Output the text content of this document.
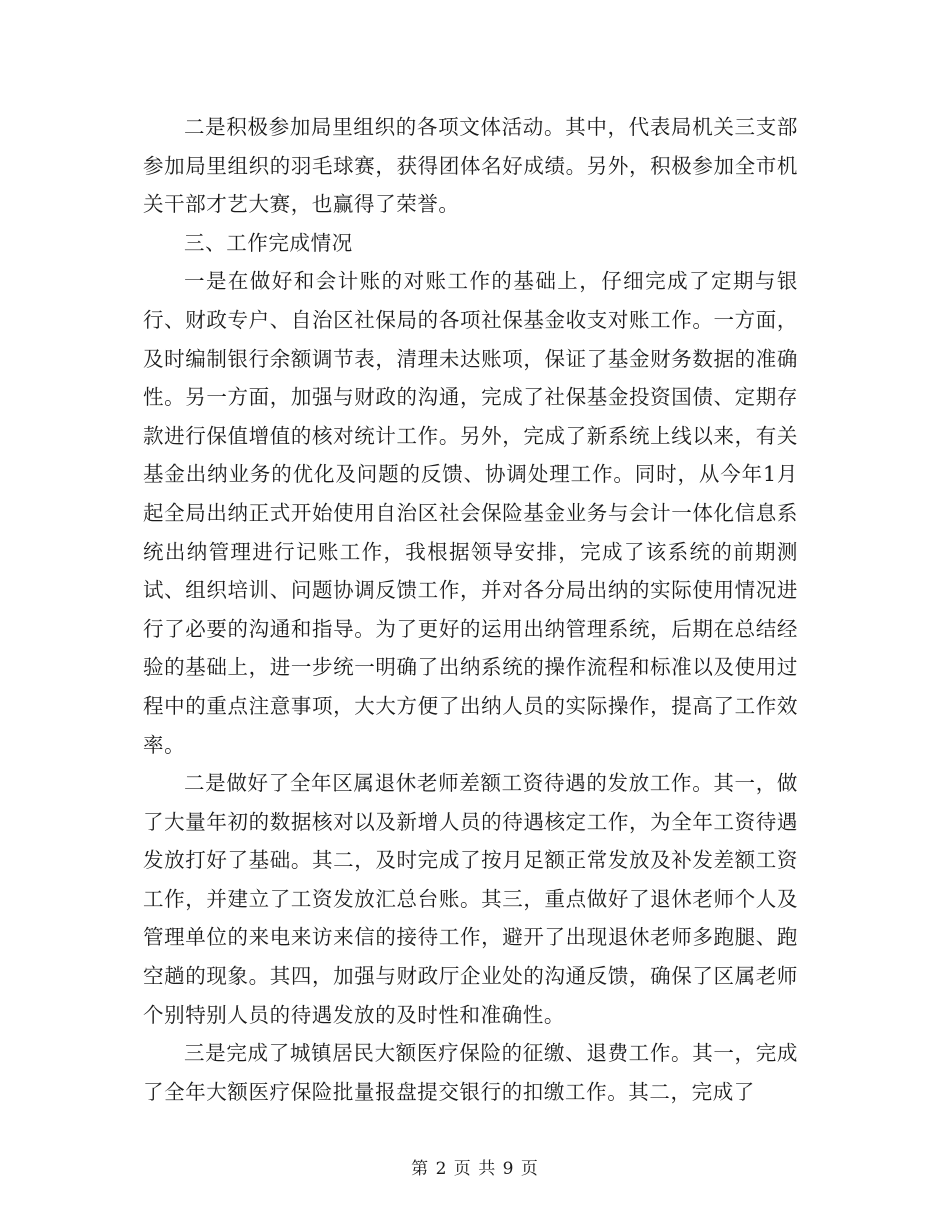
二是积极参加局里组织的各项文体活动。其中，代表局机关三支部参加局里组织的羽毛球赛，获得团体名好成绩。另外，积极参加全市机关干部才艺大赛，也赢得了荣誉。

三、工作完成情况

一是在做好和会计账的对账工作的基础上，仔细完成了定期与银行、财政专户、自治区社保局的各项社保基金收支对账工作。一方面，及时编制银行余额调节表，清理未达账项，保证了基金财务数据的准确性。另一方面，加强与财政的沟通，完成了社保基金投资国债、定期存款进行保值增值的核对统计工作。另外，完成了新系统上线以来，有关基金出纳业务的优化及问题的反馈、协调处理工作。同时，从今年1月起全局出纳正式开始使用自治区社会保险基金业务与会计一体化信息系统出纳管理进行记账工作，我根据领导安排，完成了该系统的前期测试、组织培训、问题协调反馈工作，并对各分局出纳的实际使用情况进行了必要的沟通和指导。为了更好的运用出纳管理系统，后期在总结经验的基础上，进一步统一明确了出纳系统的操作流程和标准以及使用过程中的重点注意事项，大大方便了出纳人员的实际操作，提高了工作效率。

二是做好了全年区属退休老师差额工资待遇的发放工作。其一，做了大量年初的数据核对以及新增人员的待遇核定工作，为全年工资待遇发放打好了基础。其二，及时完成了按月足额正常发放及补发差额工资工作，并建立了工资发放汇总台账。其三，重点做好了退休老师个人及管理单位的来电来访来信的接待工作，避开了出现退休老师多跑腿、跑空趟的现象。其四，加强与财政厅企业处的沟通反馈，确保了区属老师个别特别人员的待遇发放的及时性和准确性。

三是完成了城镇居民大额医疗保险的征缴、退费工作。其一，完成了全年大额医疗保险批量报盘提交银行的扣缴工作。其二，完成了

第 2 页 共 9 页
